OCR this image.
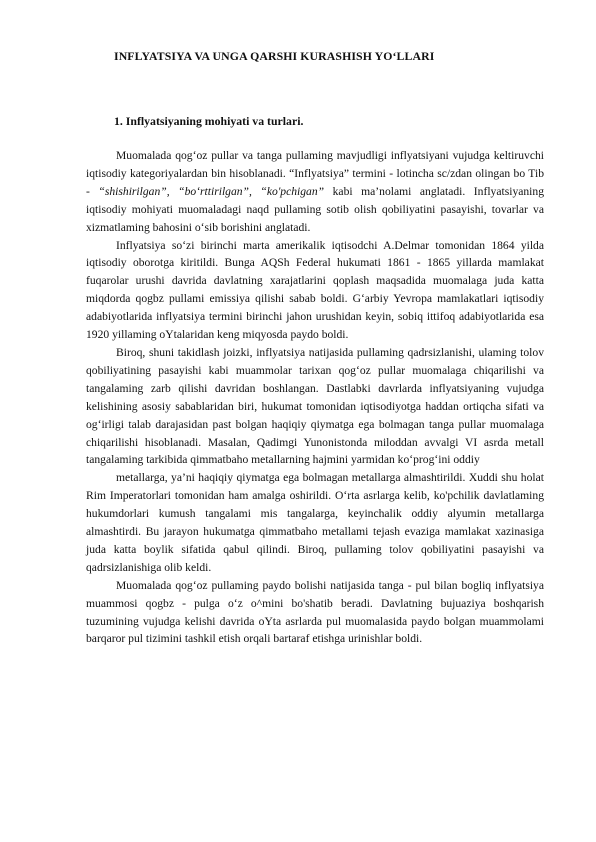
INFLYATSIYA VA UNGA QARSHI KURASHISH YO‘LLARI
1. Inflyatsiyaning mohiyati va turlari.

Muomalada qog‘oz pullar va tanga pullaming mavjudligi inflyatsiyani vujudga keltiruvchi iqtisodiy kategoriyalardan bin hisoblanadi. “Inflyatsiya” termini - lotincha sc/zdan olingan bo Tib - “shishirilgan”, “bo‘rttirilgan”, “ko'pchigan” kabi ma’nolami anglatadi. Inflyatsiyaning iqtisodiy mohiyati muomaladagi naqd pullaming sotib olish qobiliyatini pasayishi, tovarlar va xizmatlaming bahosini o‘sib borishini anglatadi.

Inflyatsiya so‘zi birinchi marta amerikalik iqtisodchi A.Delmar tomonidan 1864 yilda iqtisodiy oborotga kiritildi. Bunga AQSh Federal hukumati 1861 - 1865 yillarda mamlakat fuqarolar urushi davrida davlatning xarajatlarini qoplash maqsadida muomalaga juda katta miqdorda qogbz pullami emissiya qilishi sabab boldi. G‘arbiy Yevropa mamlakatlari iqtisodiy adabiyotlarida inflyatsiya termini birinchi jahon urushidan keyin, sobiq ittifoq adabiyotlarida esa 1920 yillaming oYtalaridan keng miqyosda paydo boldi.

Biroq, shuni takidlash joizki, inflyatsiya natijasida pullaming qadrsizlanishi, ulaming tolov qobiliyatining pasayishi kabi muammolar tarixan qog‘oz pullar muomalaga chiqarilishi va tangalaming zarb qilishi davridan boshlangan. Dastlabki davrlarda inflyatsiyaning vujudga kelishining asosiy sabablaridan biri, hukumat tomonidan iqtisodiyotga haddan ortiqcha sifati va og‘irligi talab darajasidan past bolgan haqiqiy qiymatga ega bolmagan tanga pullar muomalaga chiqarilishi hisoblanadi. Masalan, Qadimgi Yunonistonda miloddan avvalgi VI asrda metall tangalaming tarkibida qimmatbaho metallarning hajmini yarmidan ko‘prog‘ini oddiy

metallarga, ya’ni haqiqiy qiymatga ega bolmagan metallarga almashtirildi. Xuddi shu holat Rim Imperatorlari tomonidan ham amalga oshirildi. O‘rta asrlarga kelib, ko'pchilik davlatlaming hukumdorlari kumush tangalami mis tangalarga, keyinchalik oddiy alyumin metallarga almashtirdi. Bu jarayon hukumatga qimmatbaho metallami tejash evaziga mamlakat xazinasiga juda katta boylik sifatida qabul qilindi. Biroq, pullaming tolov qobiliyatini pasayishi va qadrsizlanishiga olib keldi.

Muomalada qog‘oz pullaming paydo bolishi natijasida tanga - pul bilan bogliq inflyatsiya muammosi qogbz - pulga o‘z o^mini bo'shatib beradi. Davlatning bujuaziya boshqarish tuzumining vujudga kelishi davrida oYta asrlarda pul muomalasida paydo bolgan muammolami barqaror pul tizimini tashkil etish orqali bartaraf etishga urinishlar boldi.
